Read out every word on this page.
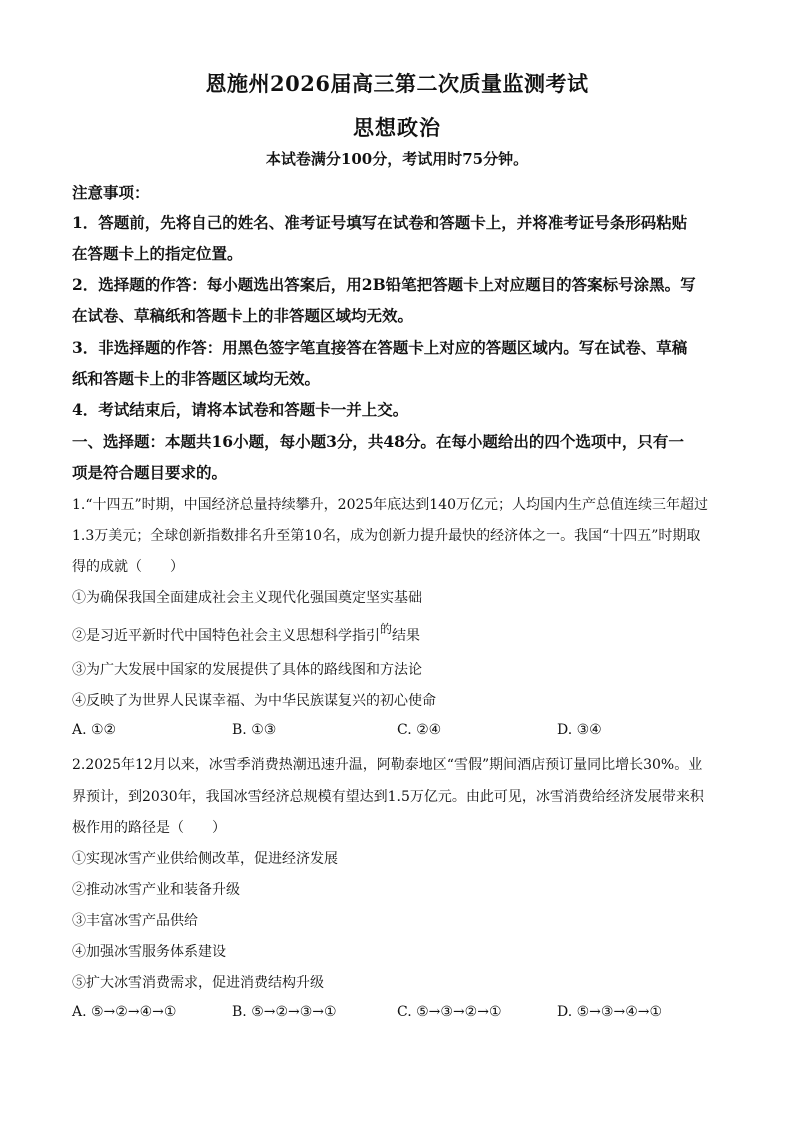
恩施州2026届高三第二次质量监测考试
思想政治
本试卷满分100分，考试用时75分钟。
注意事项：
1．答题前，先将自己的姓名、准考证号填写在试卷和答题卡上，并将准考证号条形码粘贴
在答题卡上的指定位置。
2．选择题的作答：每小题选出答案后，用2B铅笔把答题卡上对应题目的答案标号涂黑。写
在试卷、草稿纸和答题卡上的非答题区域均无效。
3．非选择题的作答：用黑色签字笔直接答在答题卡上对应的答题区域内。写在试卷、草稿
纸和答题卡上的非答题区域均无效。
4．考试结束后，请将本试卷和答题卡一并上交。
一、选择题：本题共16小题，每小题3分，共48分。在每小题给出的四个选项中，只有一
项是符合题目要求的。
1.“十四五”时期，中国经济总量持续攀升，2025年底达到140万亿元；人均国内生产总值连续三年超过
1.3万美元；全球创新指数排名升至第10名，成为创新力提升最快的经济体之一。我国“十四五”时期取
得的成就（　　）
①为确保我国全面建成社会主义现代化强国奠定坚实基础
②是习近平新时代中国特色社会主义思想科学指引的结果
③为广大发展中国家的发展提供了具体的路线图和方法论
④反映了为世界人民谋幸福、为中华民族谋复兴的初心使命
A. ①②	B. ①③	C. ②④	D. ③④
2.2025年12月以来，冰雪季消费热潮迅速升温，阿勒泰地区“雪假”期间酒店预订量同比增长30%。业
界预计，到2030年，我国冰雪经济总规模有望达到1.5万亿元。由此可见，冰雪消费给经济发展带来积
极作用的路径是（　　）
①实现冰雪产业供给侧改革，促进经济发展
②推动冰雪产业和装备升级
③丰富冰雪产品供给
④加强冰雪服务体系建设
⑤扩大冰雪消费需求，促进消费结构升级
A. ⑤→②→④→①	B. ⑤→②→③→①	C. ⑤→③→②→①	D. ⑤→③→④→①
